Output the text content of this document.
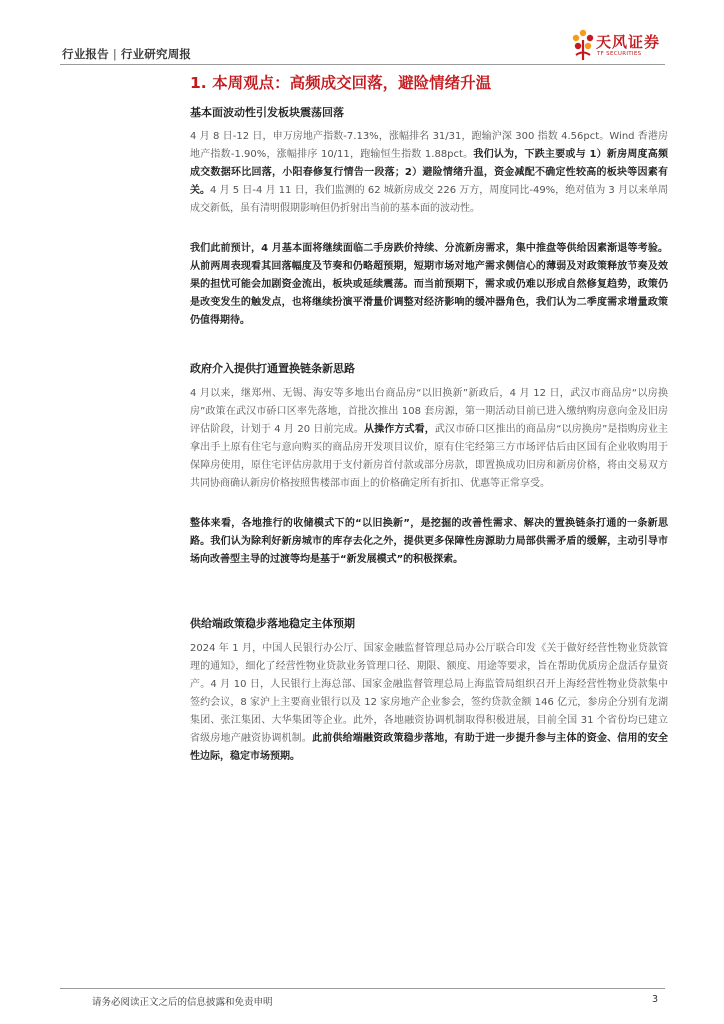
行业报告 | 行业研究周报
天风证券
TF SECURITIES
1. 本周观点：高频成交回落，避险情绪升温
基本面波动性引发板块震荡回落

4 月 8 日-12 日，申万房地产指数-7.13%，涨幅排名 31/31，跑输沪深 300 指数 4.56pct。Wind 香港房地产指数-1.90%，涨幅排序 10/11，跑输恒生指数 1.88pct。我们认为，下跌主要或与 1）新房周度高频成交数据环比回落，小阳春修复行情告一段落；2）避险情绪升温，资金减配不确定性较高的板块等因素有关。4 月 5 日-4 月 11 日，我们监测的 62 城新房成交 226 万方，周度同比-49%，绝对值为 3 月以来单周成交新低，虽有清明假期影响但仍折射出当前的基本面的波动性。

我们此前预计，4 月基本面将继续面临二手房跌价持续、分流新房需求，集中推盘等供给因素渐退等考验。从前两周表现看其回落幅度及节奏和仍略超预期，短期市场对地产需求侧信心的薄弱及对政策释放节奏及效果的担忧可能会加剧资金流出，板块或延续震荡。而当前预期下，需求或仍难以形成自然修复趋势，政策仍是改变发生的触发点，也将继续扮演平滑量价调整对经济影响的缓冲器角色，我们认为二季度需求增量政策仍值得期待。

政府介入提供打通置换链条新思路

4 月以来，继郑州、无锡、海安等多地出台商品房“以旧换新”新政后，4 月 12 日，武汉市商品房“以房换房”政策在武汉市硚口区率先落地，首批次推出 108 套房源，第一期活动目前已进入缴纳购房意向金及旧房评估阶段，计划于 4 月 20 日前完成。从操作方式看，武汉市硚口区推出的商品房“以房换房”是指购房业主拿出手上原有住宅与意向购买的商品房开发项目议价，原有住宅经第三方市场评估后由区国有企业收购用于保障房使用，原住宅评估房款用于支付新房首付款或部分房款，即置换成功旧房和新房价格，将由交易双方共同协商确认新房价格按照售楼部市面上的价格确定所有折扣、优惠等正常享受。

整体来看，各地推行的收储模式下的“以旧换新”，是挖掘的改善性需求、解决的置换链条打通的一条新思路。我们认为除利好新房城市的库存去化之外，提供更多保障性房源助力局部供需矛盾的缓解，主动引导市场向改善型主导的过渡等均是基于“新发展模式”的积极探索。

供给端政策稳步落地稳定主体预期

2024 年 1 月，中国人民银行办公厅、国家金融监督管理总局办公厅联合印发《关于做好经营性物业贷款管理的通知》，细化了经营性物业贷款业务管理口径、期限、额度、用途等要求，旨在帮助优质房企盘活存量资产。4 月 10 日，人民银行上海总部、国家金融监督管理总局上海监管局组织召开上海经营性物业贷款集中签约会议，8 家沪上主要商业银行以及 12 家房地产企业参会，签约贷款金额 146 亿元，参房企分别有龙湖集团、张江集团、大华集团等企业。此外，各地融资协调机制取得积极进展，目前全国 31 个省份均已建立省级房地产融资协调机制。此前供给端融资政策稳步落地，有助于进一步提升参与主体的资金、信用的安全性边际，稳定市场预期。

请务必阅读正文之后的信息披露和免责申明	3
